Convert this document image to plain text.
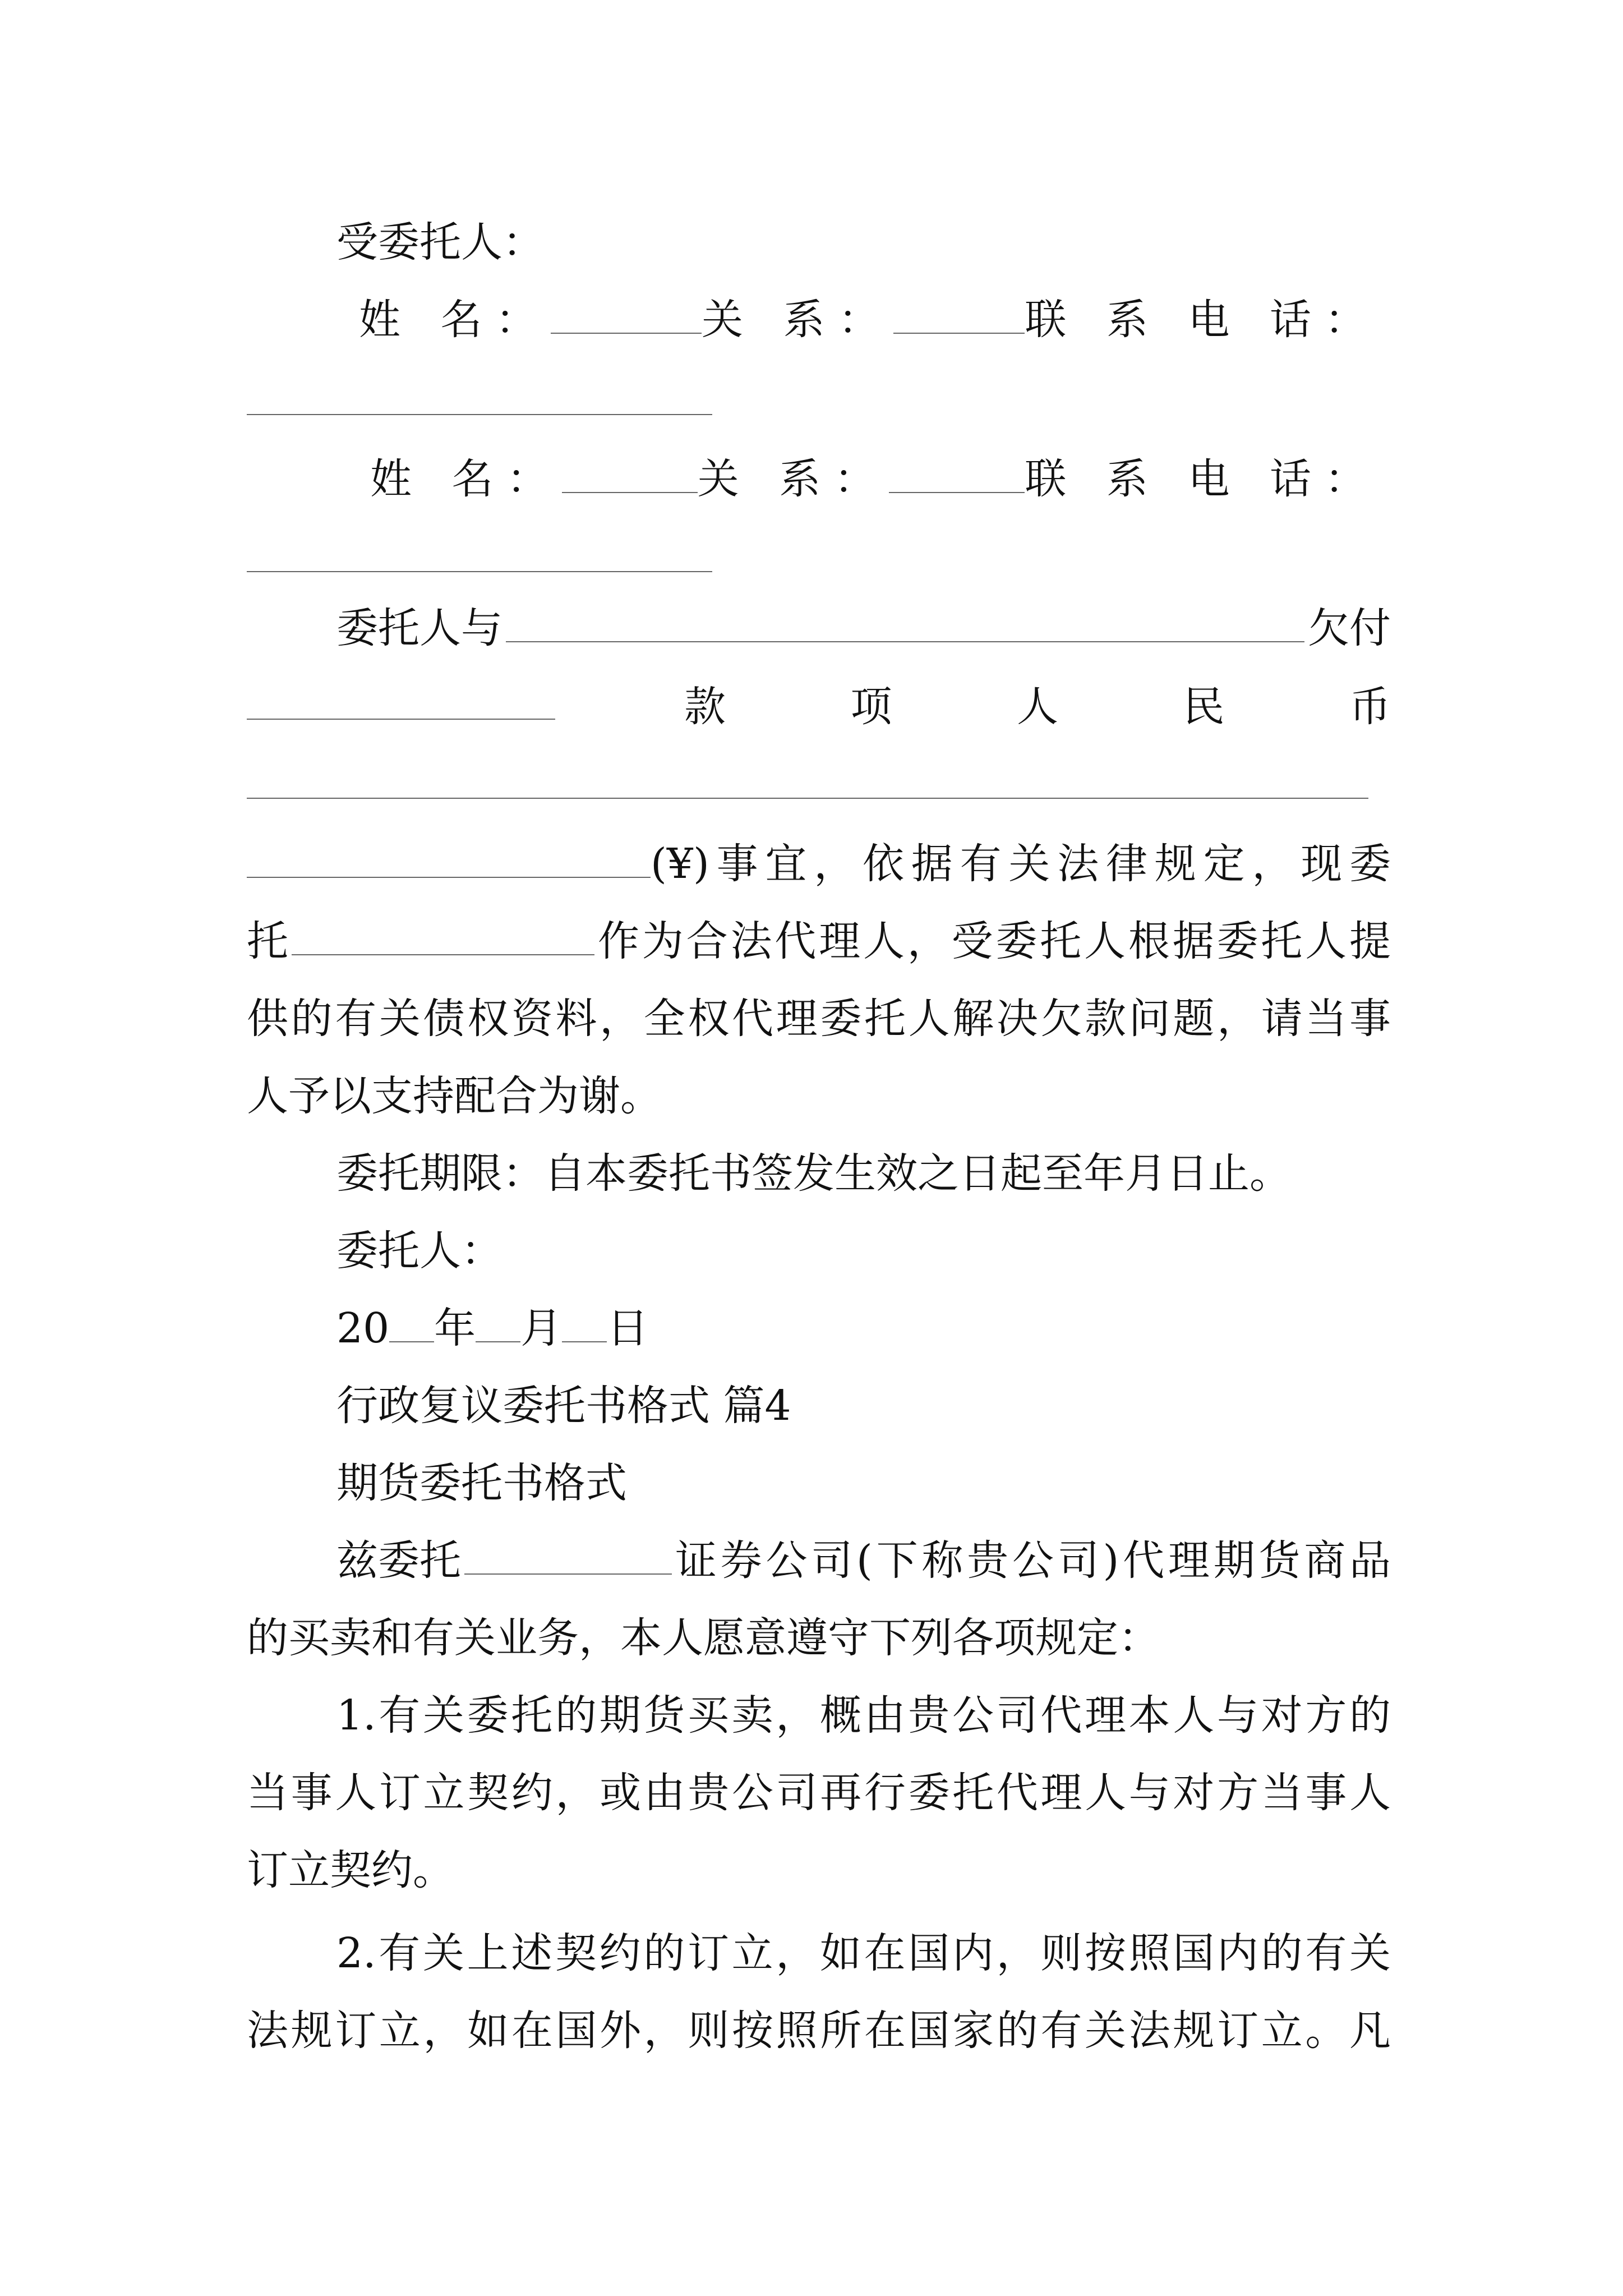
受委托人：
姓 名：	关 系：	联 系 电 话：
姓 名：	关 系：	联 系 电 话：
委托人与	欠付
款	项	人	民	币
(¥)事宜，依据有关法律规定，现委
托	作为合法代理人，受委托人根据委托人提
供的有关债权资料，全权代理委托人解决欠款问题，请当事
人予以支持配合为谢。
委托期限：自本委托书签发生效之日起至年月日止。
委托人：
20 年 月 日
行政复议委托书格式 篇4
期货委托书格式
兹委托	证券公司(下称贵公司)代理期货商品
的买卖和有关业务，本人愿意遵守下列各项规定：
1.有关委托的期货买卖，概由贵公司代理本人与对方的
当事人订立契约，或由贵公司再行委托代理人与对方当事人
订立契约。
2.有关上述契约的订立，如在国内，则按照国内的有关
法规订立，如在国外，则按照所在国家的有关法规订立。凡
